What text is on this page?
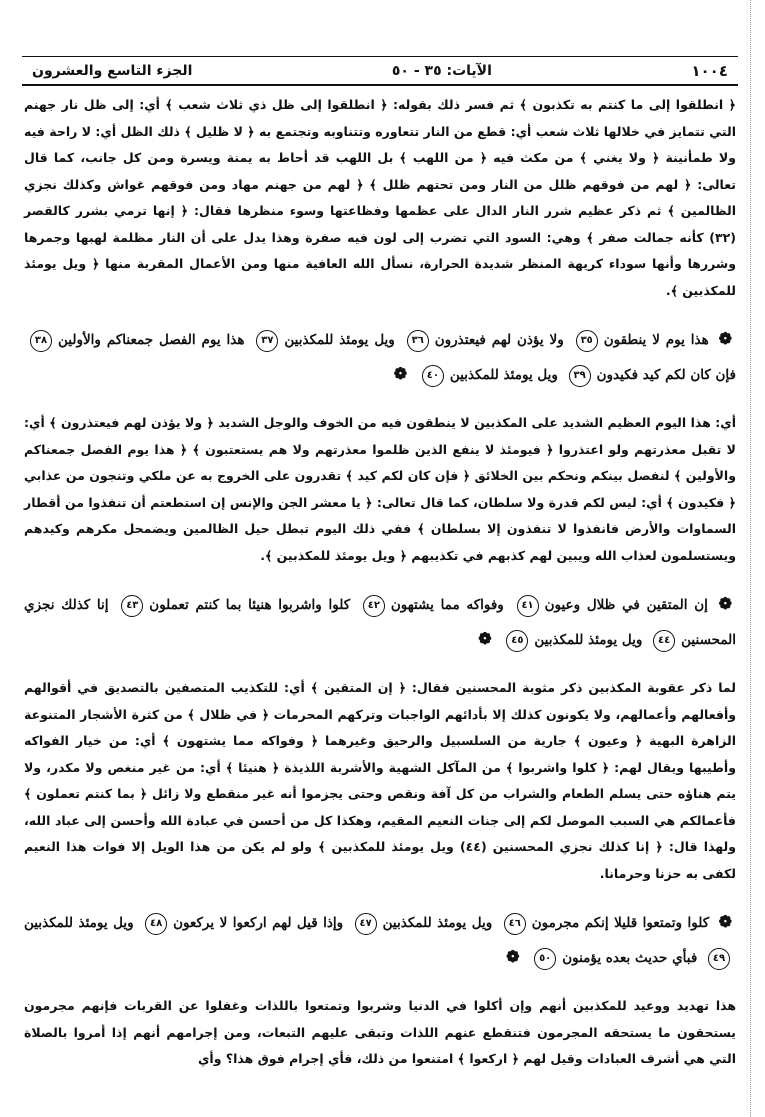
١٠٠٤
الآيات: ٣٥ - ٥٠
الجزء التاسع والعشرون

﴿ انطلقوا إلى ما كنتم به تكذبون ﴾ ثم فسر ذلك بقوله: ﴿ انطلقوا إلى ظل ذي ثلاث شعب ﴾ أي: إلى ظل نار جهنم التي تتمايز في خلالها ثلاث شعب أي: قطع من النار تتعاوره وتتناوبه وتجتمع به ﴿ لا ظليل ﴾ ذلك الظل أي: لا راحة فيه ولا طمأنينة ﴿ ولا يغني ﴾ من مكث فيه ﴿ من اللهب ﴾ بل اللهب قد أحاط به يمنة ويسرة ومن كل جانب، كما قال تعالى: ﴿ لهم من فوقهم ظلل من النار ومن تحتهم ظلل ﴾ ﴿ لهم من جهنم مهاد ومن فوقهم غواش وكذلك نجزي الظالمين ﴾ ثم ذكر عظيم شرر النار الدال على عظمها وفظاعتها وسوء منظرها فقال: ﴿ إنها ترمي بشرر كالقصر (٣٢) كأنه جمالت صفر ﴾ وهي: السود التي تضرب إلى لون فيه صفرة وهذا يدل على أن النار مظلمة لهبها وجمرها وشررها وأنها سوداء كريهة المنظر شديدة الحرارة، نسأل الله العافية منها ومن الأعمال المقربة منها ﴿ ويل يومئذ للمكذبين ﴾.

❁ هذا يوم لا ينطقون٣٥ ولا يؤذن لهم فيعتذرون٣٦ ويل يومئذ للمكذبين٣٧ هذا يوم الفصل جمعناكم والأولين٣٨ فإن كان لكم كيد فكيدون٣٩ ويل يومئذ للمكذبين٤٠ ❁

أي: هذا اليوم العظيم الشديد على المكذبين لا ينطقون فيه من الخوف والوجل الشديد ﴿ ولا يؤذن لهم فيعتذرون ﴾ أي: لا تقبل معذرتهم ولو اعتذروا ﴿ فيومئذ لا ينفع الذين ظلموا معذرتهم ولا هم يستعتبون ﴾ ﴿ هذا يوم الفصل جمعناكم والأولين ﴾ لنفصل بينكم ونحكم بين الخلائق ﴿ فإن كان لكم كيد ﴾ تقدرون على الخروج به عن ملكي وتنجون من عذابي ﴿ فكيدون ﴾ أي: ليس لكم قدرة ولا سلطان، كما قال تعالى: ﴿ يا معشر الجن والإنس إن استطعتم أن تنفذوا من أقطار السماوات والأرض فانفذوا لا تنفذون إلا بسلطان ﴾ ففي ذلك اليوم تبطل حيل الظالمين ويضمحل مكرهم وكيدهم ويستسلمون لعذاب الله ويبين لهم كذبهم في تكذيبهم ﴿ ويل يومئذ للمكذبين ﴾.

❁ إن المتقين في ظلال وعيون٤١ وفواكه مما يشتهون٤٢ كلوا واشربوا هنيئا بما كنتم تعملون٤٣ إنا كذلك نجزي المحسنين٤٤ ويل يومئذ للمكذبين٤٥ ❁

لما ذكر عقوبة المكذبين ذكر مثوبة المحسنين فقال: ﴿ إن المتقين ﴾ أي: للتكذيب المتصفين بالتصديق في أقوالهم وأفعالهم وأعمالهم، ولا يكونون كذلك إلا بأدائهم الواجبات وتركهم المحرمات ﴿ في ظلال ﴾ من كثرة الأشجار المتنوعة الزاهرة البهية ﴿ وعيون ﴾ جارية من السلسبيل والرحيق وغيرهما ﴿ وفواكه مما يشتهون ﴾ أي: من خيار الفواكه وأطيبها ويقال لهم: ﴿ كلوا واشربوا ﴾ من المآكل الشهية والأشربة اللذيذة ﴿ هنيئا ﴾ أي: من غير منغص ولا مكدر، ولا يتم هناؤه حتى يسلم الطعام والشراب من كل آفة ونقص وحتى يجزموا أنه غير منقطع ولا زائل ﴿ بما كنتم تعملون ﴾ فأعمالكم هي السبب الموصل لكم إلى جنات النعيم المقيم، وهكذا كل من أحسن في عبادة الله وأحسن إلى عباد الله، ولهذا قال: ﴿ إنا كذلك نجزي المحسنين (٤٤) ويل يومئذ للمكذبين ﴾ ولو لم يكن من هذا الويل إلا فوات هذا النعيم لكفى به حزنا وحرمانا.

❁ كلوا وتمتعوا قليلا إنكم مجرمون٤٦ ويل يومئذ للمكذبين٤٧ وإذا قيل لهم اركعوا لا يركعون٤٨ ويل يومئذ للمكذبين٤٩ فبأي حديث بعده يؤمنون٥٠ ❁

هذا تهديد ووعيد للمكذبين أنهم وإن أكلوا في الدنيا وشربوا وتمتعوا باللذات وغفلوا عن القربات فإنهم مجرمون يستحقون ما يستحقه المجرمون فتنقطع عنهم اللذات وتبقى عليهم التبعات، ومن إجرامهم أنهم إذا أمروا بالصلاة التي هي أشرف العبادات وقيل لهم ﴿ اركعوا ﴾ امتنعوا من ذلك، فأي إجرام فوق هذا؟ وأي
